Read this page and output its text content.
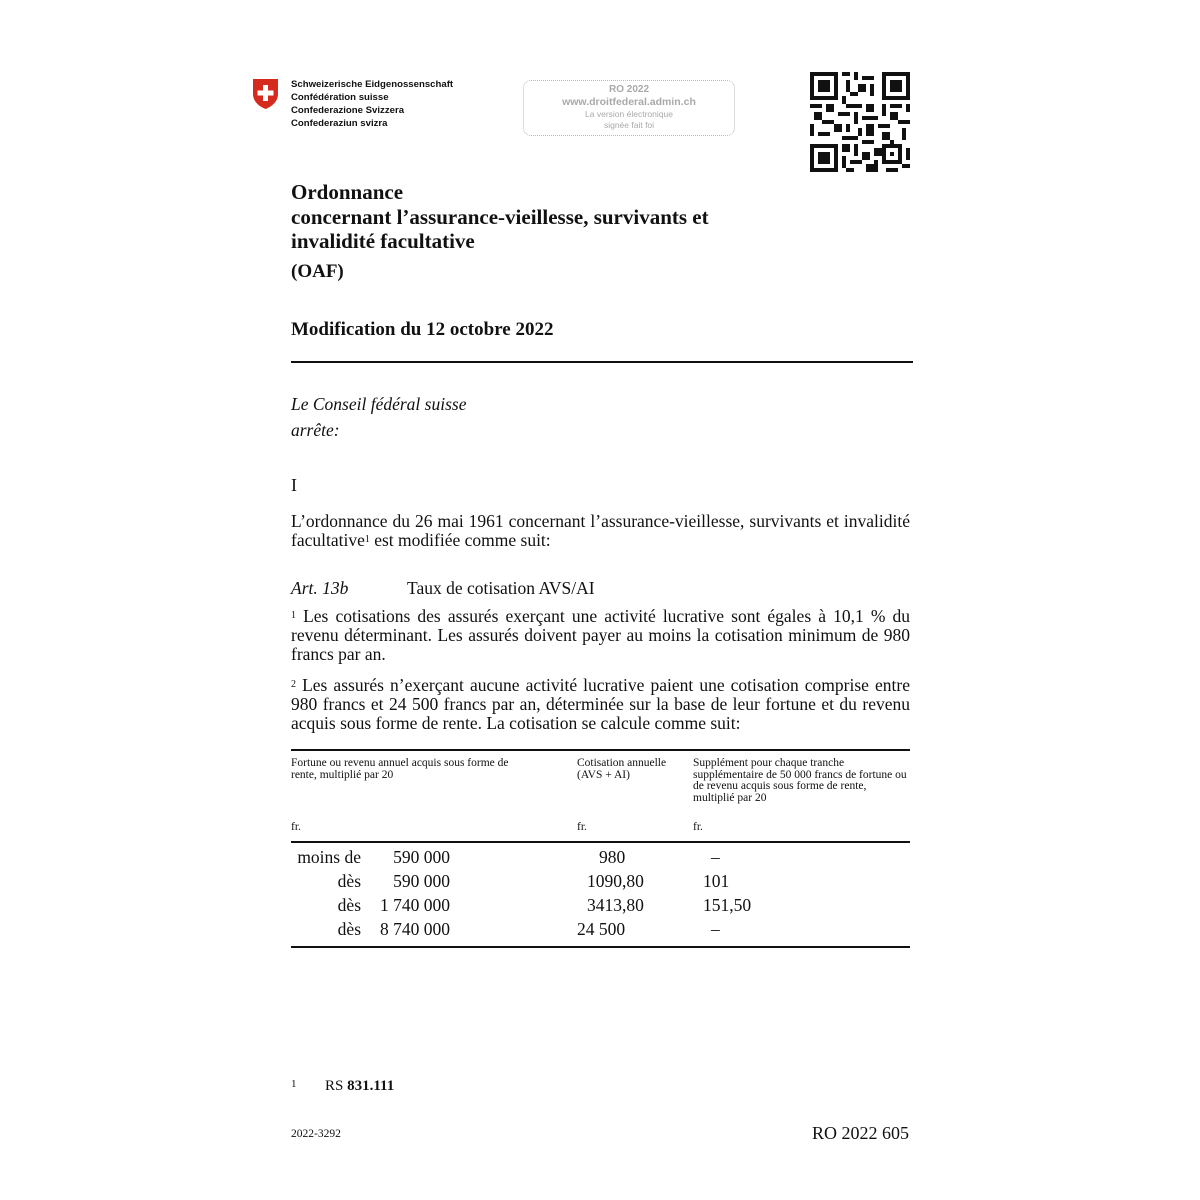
Schweizerische Eidgenossenschaft
Confédération suisse
Confederazione Svizzera
Confederaziun svizra
RO 2022
www.droitfederal.admin.ch
La version électronique
signée fait foi
Ordonnance
concernant l’assurance-vieillesse, survivants et
invalidité facultative
(OAF)
Modification du 12 octobre 2022
Le Conseil fédéral suisse
arrête:
I
L’ordonnance du 26 mai 1961 concernant l’assurance-vieillesse, survivants et invalidité facultative$^1$ est modifiée comme suit:
Art. 13b	Taux de cotisation AVS/AI
$^1$ Les cotisations des assurés exerçant une activité lucrative sont égales à 10,1 % du revenu déterminant. Les assurés doivent payer au moins la cotisation minimum de 980 francs par an.
$^2$ Les assurés n’exerçant aucune activité lucrative paient une cotisation comprise entre 980 francs et 24 500 francs par an, déterminée sur la base de leur fortune et du revenu acquis sous forme de rente. La cotisation se calcule comme suit:
Fortune ou revenu annuel acquis sous forme de rente, multiplié par 20
Cotisation annuelle (AVS + AI)
Supplément pour chaque tranche supplémentaire de 50 000 francs de fortune ou de revenu acquis sous forme de rente, multiplié par 20
fr.	fr.	fr.
moins de 590 000	980	–
dès 590 000	1090,80	101
dès 1 740 000	3413,80	151,50
dès 8 740 000	24 500	–
1 RS 831.111
2022-3292	RO 2022 605
